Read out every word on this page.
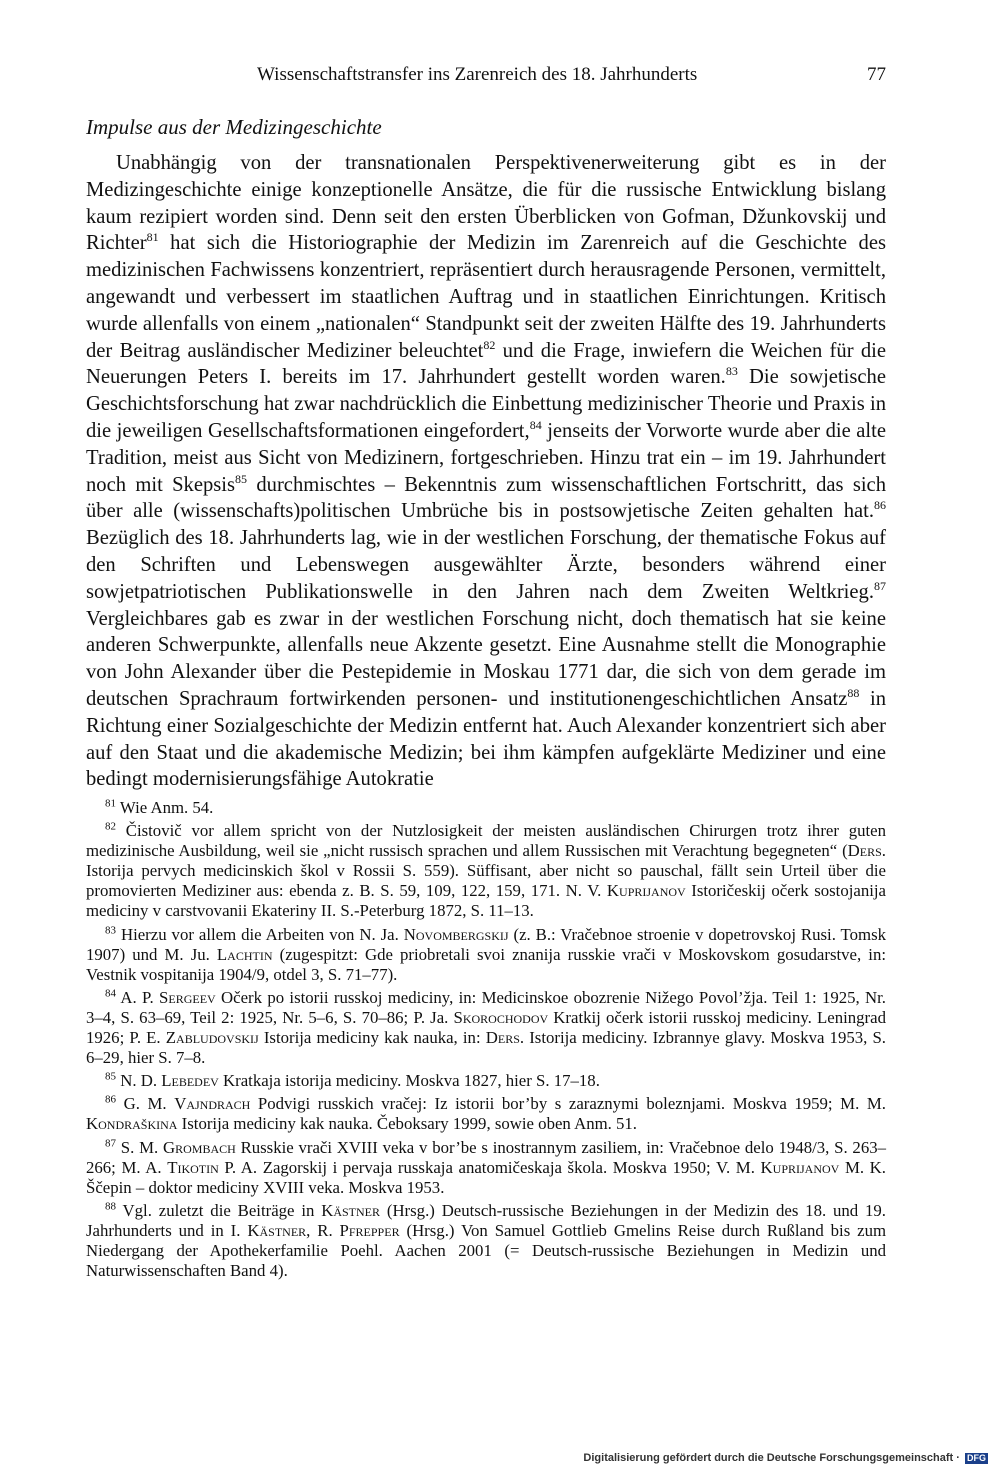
Wissenschaftstransfer ins Zarenreich des 18. Jahrhunderts	77
Impulse aus der Medizingeschichte

Unabhängig von der transnationalen Perspektivenerweiterung gibt es in der Medizingeschichte einige konzeptionelle Ansätze, die für die russische Entwicklung bislang kaum rezipiert worden sind. Denn seit den ersten Überblicken von Gofman, Džunkovskij und Richter$^{81}$ hat sich die Historiographie der Medizin im Zarenreich auf die Geschichte des medizinischen Fachwissens konzentriert, repräsentiert durch herausragende Personen, vermittelt, angewandt und verbessert im staatlichen Auftrag und in staatlichen Einrichtungen. Kritisch wurde allenfalls von einem „nationalen“ Standpunkt seit der zweiten Hälfte des 19. Jahrhunderts der Beitrag ausländischer Mediziner beleuchtet$^{82}$ und die Frage, inwiefern die Weichen für die Neuerungen Peters I. bereits im 17. Jahrhundert gestellt worden waren.$^{83}$ Die sowjetische Geschichtsforschung hat zwar nachdrücklich die Einbettung medizinischer Theorie und Praxis in die jeweiligen Gesellschaftsformationen eingefordert,$^{84}$ jenseits der Vorworte wurde aber die alte Tradition, meist aus Sicht von Medizinern, fortgeschrieben. Hinzu trat ein – im 19. Jahrhundert noch mit Skepsis$^{85}$ durchmischtes – Bekenntnis zum wissenschaftlichen Fortschritt, das sich über alle (wissenschafts)politischen Umbrüche bis in postsowjetische Zeiten gehalten hat.$^{86}$ Bezüglich des 18. Jahrhunderts lag, wie in der westlichen Forschung, der thematische Fokus auf den Schriften und Lebenswegen ausgewählter Ärzte, besonders während einer sowjetpatriotischen Publikationswelle in den Jahren nach dem Zweiten Weltkrieg.$^{87}$ Vergleichbares gab es zwar in der westlichen Forschung nicht, doch thematisch hat sie keine anderen Schwerpunkte, allenfalls neue Akzente gesetzt. Eine Ausnahme stellt die Monographie von John Alexander über die Pestepidemie in Moskau 1771 dar, die sich von dem gerade im deutschen Sprachraum fortwirkenden personen- und institutionengeschichtlichen Ansatz$^{88}$ in Richtung einer Sozialgeschichte der Medizin entfernt hat. Auch Alexander konzentriert sich aber auf den Staat und die akademische Medizin; bei ihm kämpfen aufgeklärte Mediziner und eine bedingt modernisierungsfähige Autokratie

$^{81}$ Wie Anm. 54.

$^{82}$ Čistovič vor allem spricht von der Nutzlosigkeit der meisten ausländischen Chirurgen trotz ihrer guten medizinische Ausbildung, weil sie „nicht russisch sprachen und allem Russischen mit Verachtung begegneten“ (Ders. Istorija pervych medicinskich škol v Rossii S. 559). Süffisant, aber nicht so pauschal, fällt sein Urteil über die promovierten Mediziner aus: ebenda z. B. S. 59, 109, 122, 159, 171. N. V. Kuprijanov Istoričeskij očerk sostojanija mediciny v carstvovanii Ekateriny II. S.-Peterburg 1872, S. 11–13.

$^{83}$ Hierzu vor allem die Arbeiten von N. Ja. Novombergskij (z. B.: Vračebnoe stroenie v dopetrovskoj Rusi. Tomsk 1907) und M. Ju. Lachtin (zugespitzt: Gde priobretali svoi znanija russkie vrači v Moskovskom gosudarstve, in: Vestnik vospitanija 1904/9, otdel 3, S. 71–77).

$^{84}$ A. P. Sergeev Očerk po istorii russkoj mediciny, in: Medicinskoe obozrenie Nižego Povol’žja. Teil 1: 1925, Nr. 3–4, S. 63–69, Teil 2: 1925, Nr. 5–6, S. 70–86; P. Ja. Skorochodov Kratkij očerk istorii russkoj mediciny. Leningrad 1926; P. E. Zabludovskij Istorija mediciny kak nauka, in: Ders. Istorija mediciny. Izbrannye glavy. Moskva 1953, S. 6–29, hier S. 7–8.

$^{85}$ N. D. Lebedev Kratkaja istorija mediciny. Moskva 1827, hier S. 17–18.

$^{86}$ G. M. Vajndrach Podvigi russkich vračej: Iz istorii bor’by s zaraznymi boleznjami. Moskva 1959; M. M. Kondraškina Istorija mediciny kak nauka. Čeboksary 1999, sowie oben Anm. 51.

$^{87}$ S. M. Grombach Russkie vrači XVIII veka v bor’be s inostrannym zasiliem, in: Vračebnoe delo 1948/3, S. 263–266; M. A. Tikotin P. A. Zagorskij i pervaja russkaja anatomičeskaja škola. Moskva 1950; V. M. Kuprijanov M. K. Ščepin – doktor mediciny XVIII veka. Moskva 1953.

$^{88}$ Vgl. zuletzt die Beiträge in Kästner (Hrsg.) Deutsch-russische Beziehungen in der Medizin des 18. und 19. Jahrhunderts und in I. Kästner, R. Pfrepper (Hrsg.) Von Samuel Gottlieb Gmelins Reise durch Rußland bis zum Niedergang der Apothekerfamilie Poehl. Aachen 2001 (= Deutsch-russische Beziehungen in Medizin und Naturwissenschaften Band 4).

Digitalisierung gefördert durch die Deutsche Forschungsgemeinschaft · DFG
